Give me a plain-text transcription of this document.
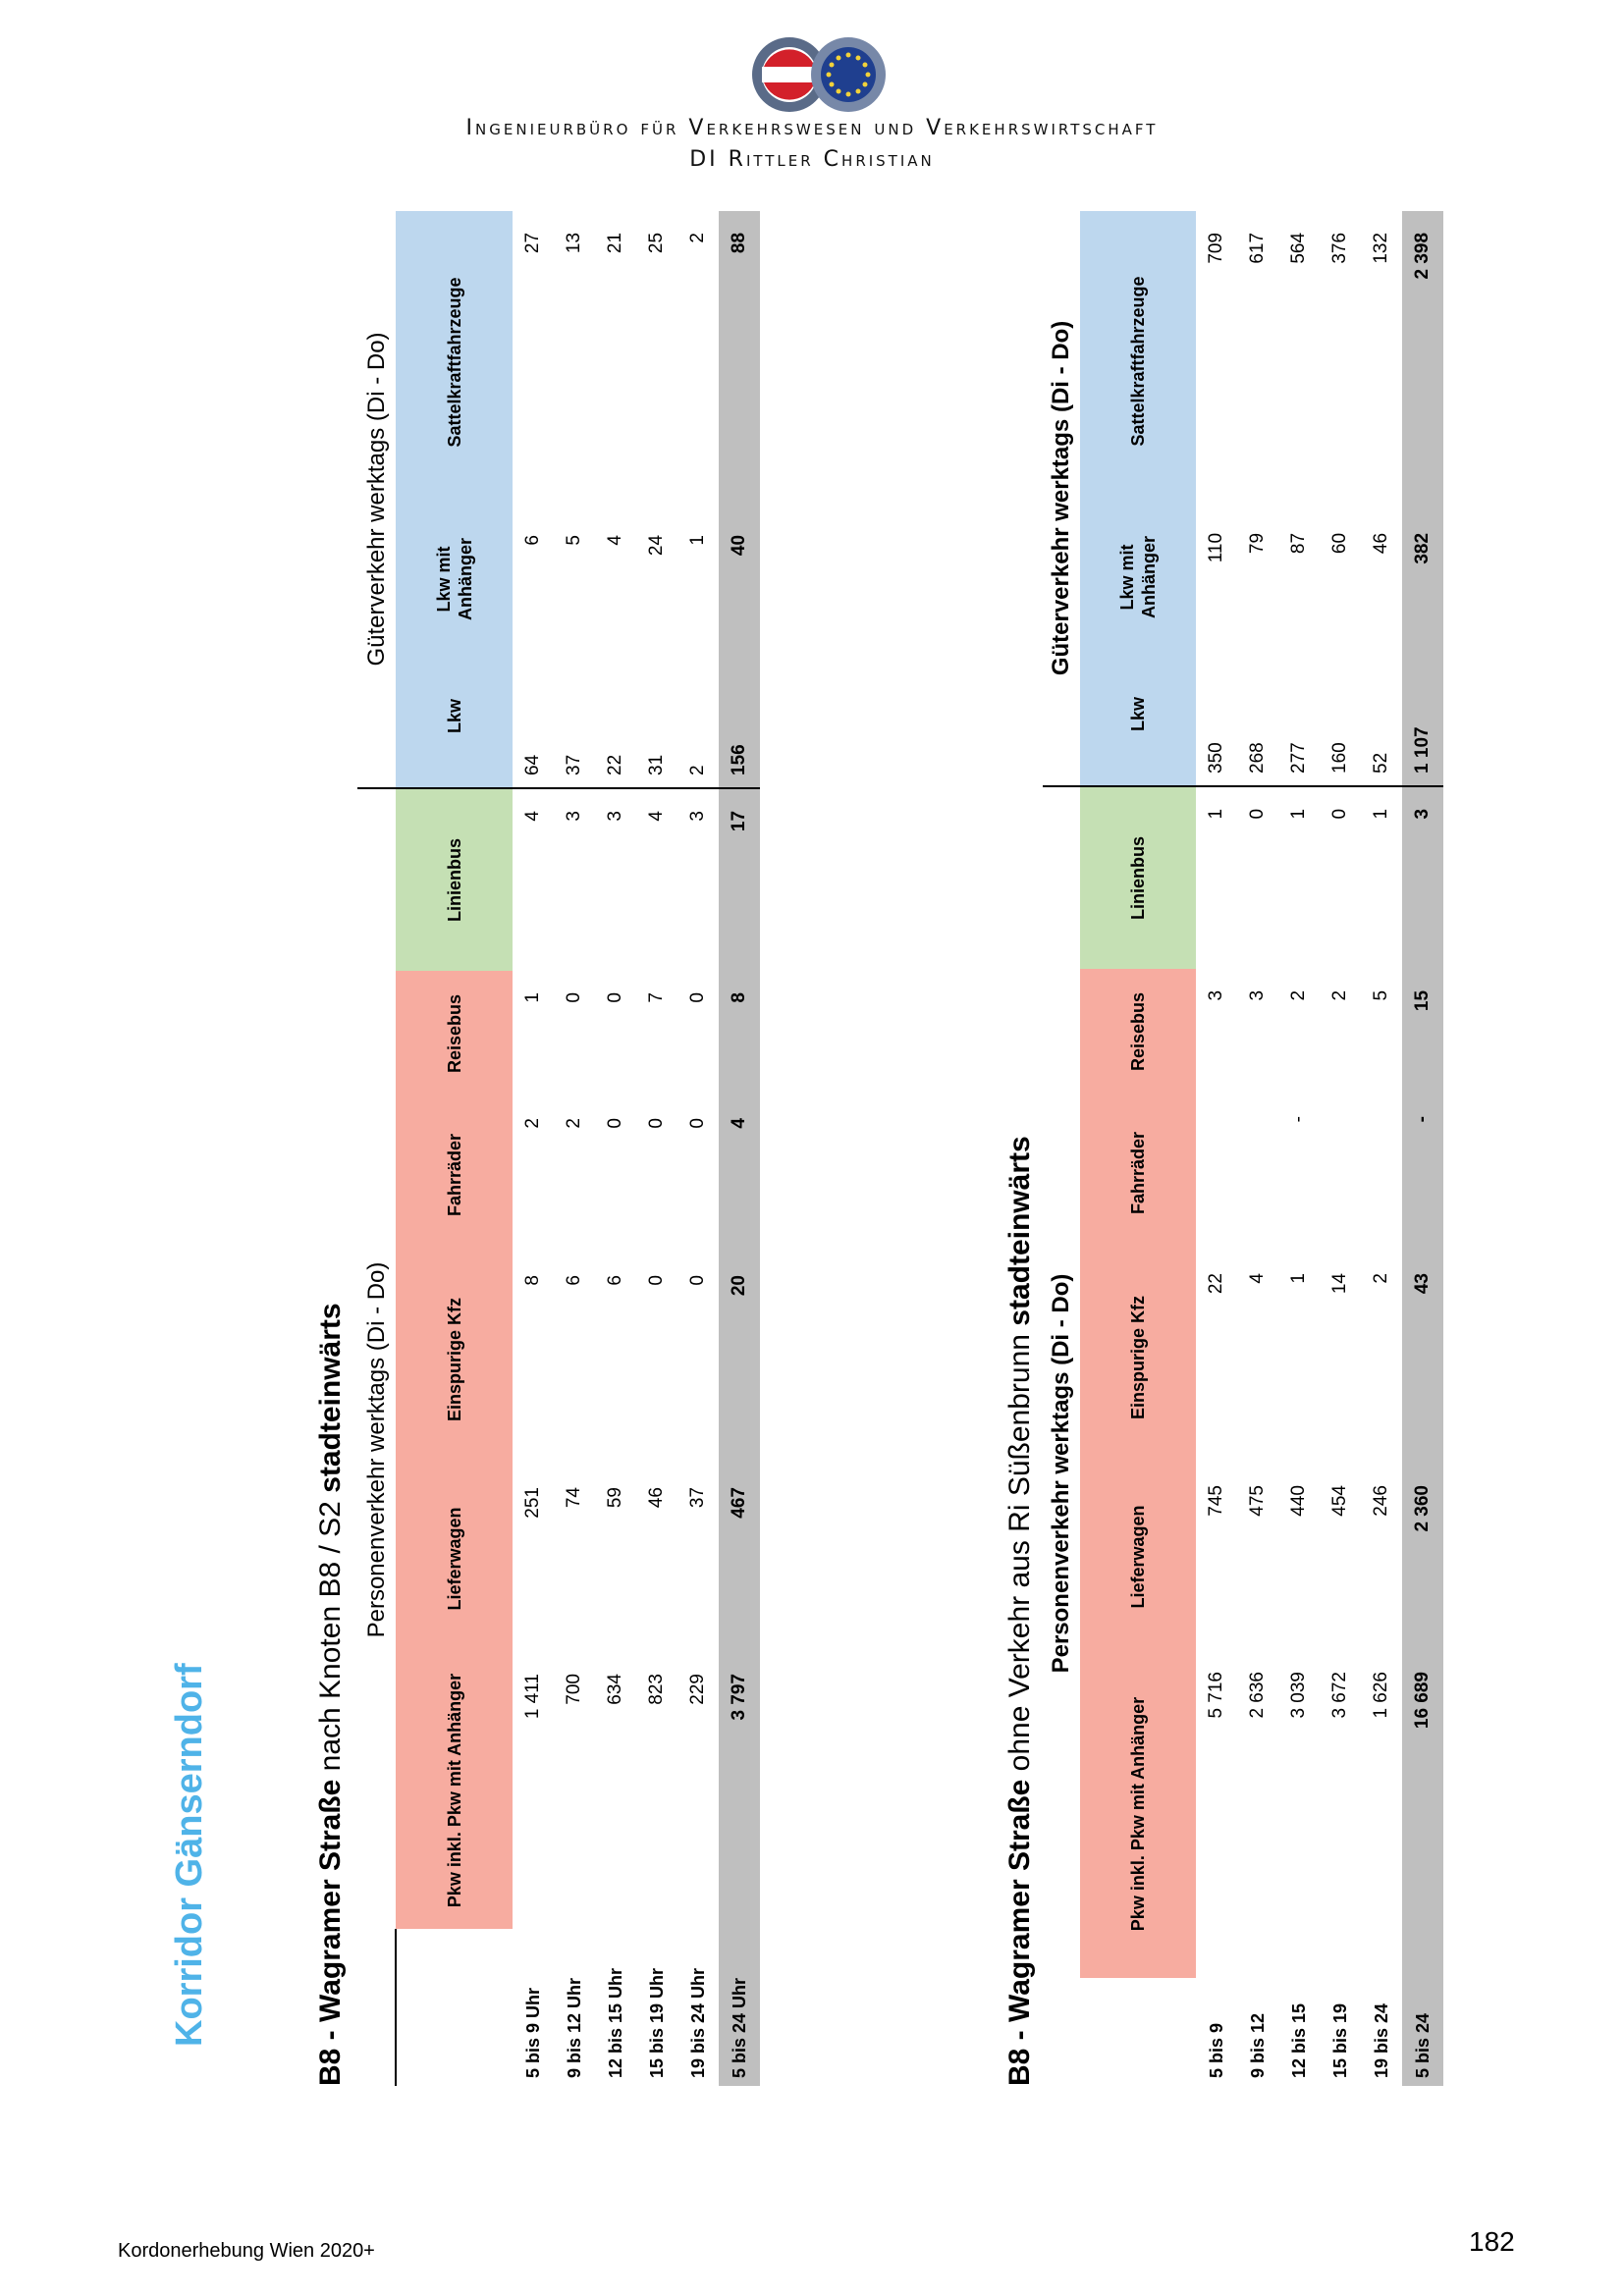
Ingenieurbüro für Verkehrswesen und Verkehrswirtschaft
DI Rittler Christian
Korridor Gänserndorf	B8 - Wagramer Straße nach Knoten B8 / S2 stadteinwärts
	Personenverkehr werktags (Di - Do)						Güterverkehr werktags (Di - Do)		
	Pkw inkl. Pkw mit Anhänger	Lieferwagen	Einspurige Kfz	Fahrräder	Reisebus	Linienbus	Lkw	Lkw mit Anhänger	Sattelkraftfahrzeuge
5 bis 9 Uhr	1 411	251	8	2	1	4	64	6	27
9 bis 12 Uhr	700	74	6	2	0	3	37	5	13
12 bis 15 Uhr	634	59	6	0	0	3	22	4	21
15 bis 19 Uhr	823	46	0	0	7	4	31	24	25
19 bis 24 Uhr	229	37	0	0	0	3	2	1	2
5 bis 24 Uhr	3 797	467	20	4	8	17	156	40	88
B8 - Wagramer Straße ohne Verkehr aus Ri Süßenbrunn stadteinwärts
	Personenverkehr werktags (Di - Do)						Güterverkehr werktags (Di - Do)		
	Pkw inkl. Pkw mit Anhänger	Lieferwagen	Einspurige Kfz	Fahrräder	Reisebus	Linienbus	Lkw	Lkw mit Anhänger	Sattelkraftfahrzeuge
5 bis 9	5 716	745	22		3	1	350	110	709
9 bis 12	2 636	475	4		3	0	268	79	617
12 bis 15	3 039	440	1	-	2	1	277	87	564
15 bis 19	3 672	454	14		2	0	160	60	376
19 bis 24	1 626	246	2		5	1	52	46	132
5 bis 24	16 689	2 360	43	-	15	3	1 107	382	2 398
Kordonerhebung Wien 2020+	182
